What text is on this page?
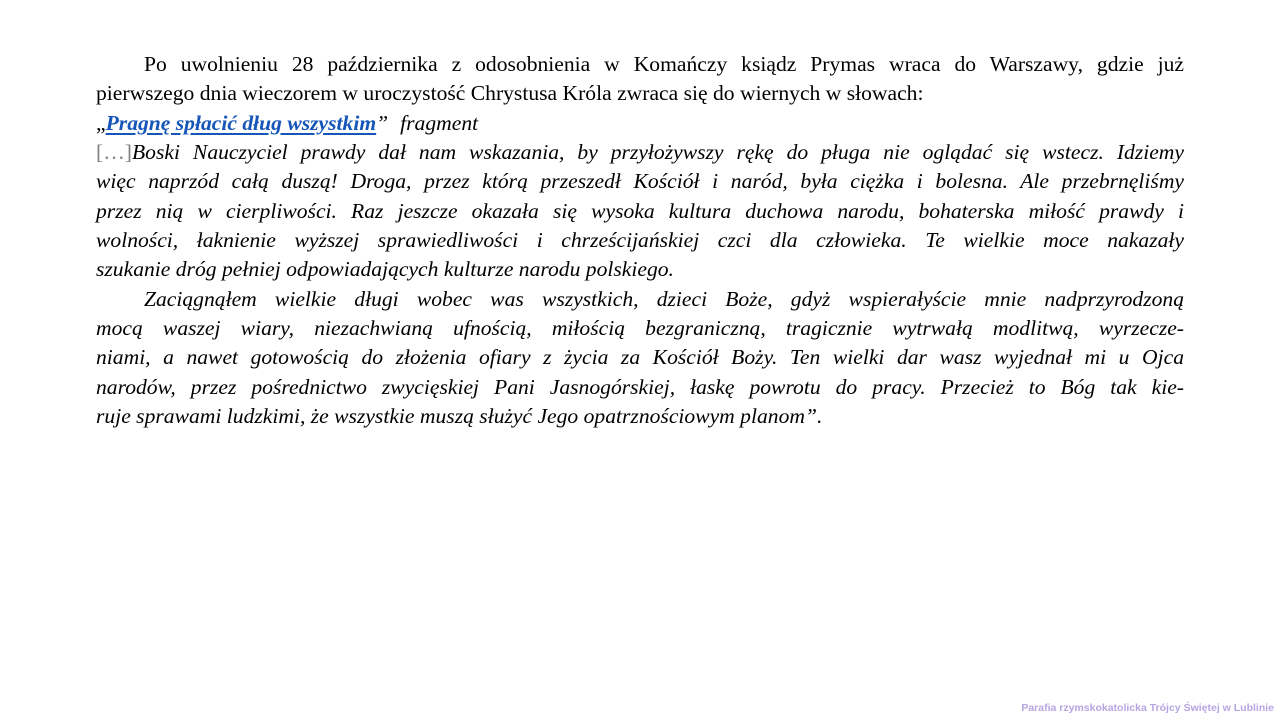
Po uwolnieniu 28 października z odosobnienia w Komańczy ksiądz Prymas wraca do Warszawy, gdzie już
pierwszego dnia wieczorem w uroczystość Chrystusa Króla zwraca się do wiernych w słowach:
„Pragnę spłacić dług wszystkim” fragment
[…]Boski Nauczyciel prawdy dał nam wskazania, by przyłożywszy rękę do pługa nie oglądać się wstecz. Idziemy
więc naprzód całą duszą! Droga, przez którą przeszedł Kościół i naród, była ciężka i bolesna. Ale przebrnęliśmy
przez nią w cierpliwości. Raz jeszcze okazała się wysoka kultura duchowa narodu, bohaterska miłość prawdy i
wolności, łaknienie wyższej sprawiedliwości i chrześcijańskiej czci dla człowieka. Te wielkie moce nakazały
szukanie dróg pełniej odpowiadających kulturze narodu polskiego.
Zaciągnąłem wielkie długi wobec was wszystkich, dzieci Boże, gdyż wspierałyście mnie nadprzyrodzoną
mocą waszej wiary, niezachwianą ufnością, miłością bezgraniczną, tragicznie wytrwałą modlitwą, wyrzecze-
niami, a nawet gotowością do złożenia ofiary z życia za Kościół Boży. Ten wielki dar wasz wyjednał mi u Ojca
narodów, przez pośrednictwo zwycięskiej Pani Jasnogórskiej, łaskę powrotu do pracy. Przecież to Bóg tak kie-
ruje sprawami ludzkimi, że wszystkie muszą służyć Jego opatrznościowym planom”.
Parafia rzymskokatolicka Trójcy Świętej w Lublinie
